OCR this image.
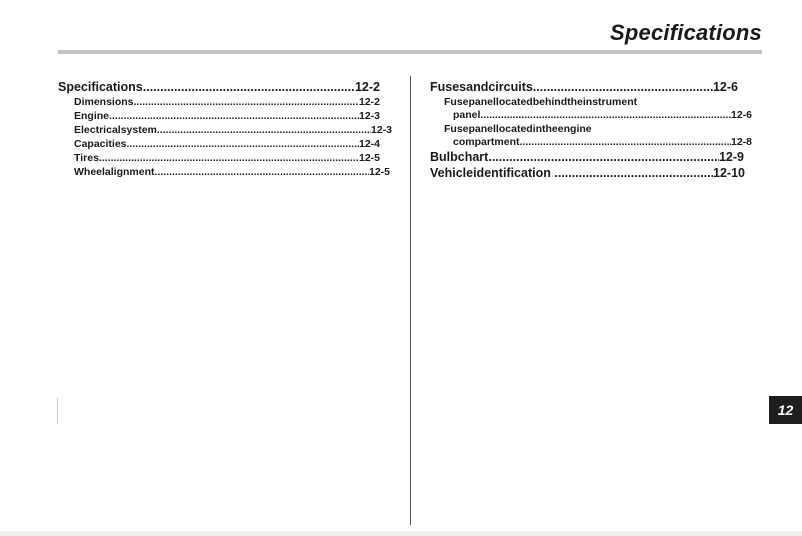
Specifications
Specifications .....	12-2
Dimensions .....	12-2
Engine .....	12-3
Electricalsystem .....	12-3
Capacities .....	12-4
Tires .....	12-5
Wheelalignment .....	12-5
Fusesandcircuits .....	12-6
Fusepanellocatedbehindtheinstrument
panel .....	12-6
Fusepanellocatedintheengine
compartment .....	12-8
Bulbchart .....	12-9
Vehicleidentification .....	12-10
12
